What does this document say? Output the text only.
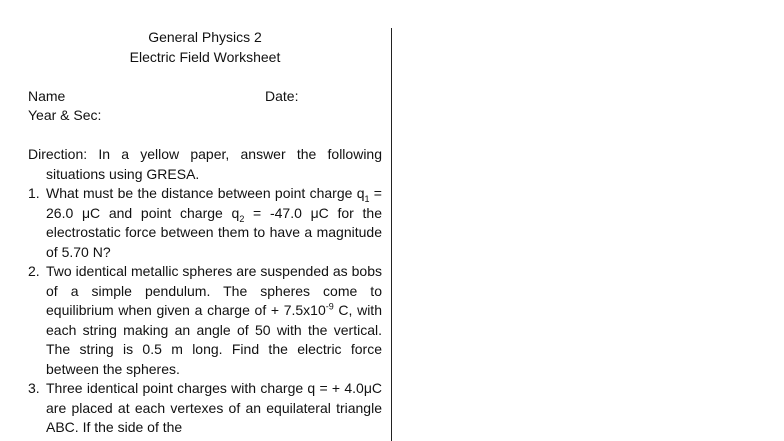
General Physics 2

Electric Field Worksheet

Name	Date:
Year & Sec:
Direction: In a yellow paper, answer the following situations using GRESA.
1. What must be the distance between point charge $q_1 = 26.0$ μC and point charge $q_2 = -47.0$ μC for the electrostatic force between them to have a magnitude of 5.70 N?
2. Two identical metallic spheres are suspended as bobs of a simple pendulum. The spheres come to equilibrium when given a charge of + $7.5x10^{-9}$ C, with each string making an angle of 50 with the vertical. The string is 0.5 m long. Find the electric force between the spheres.
3. Three identical point charges with charge q = + 4.0μC are placed at each vertexes of an equilateral triangle ABC. If the side of the
